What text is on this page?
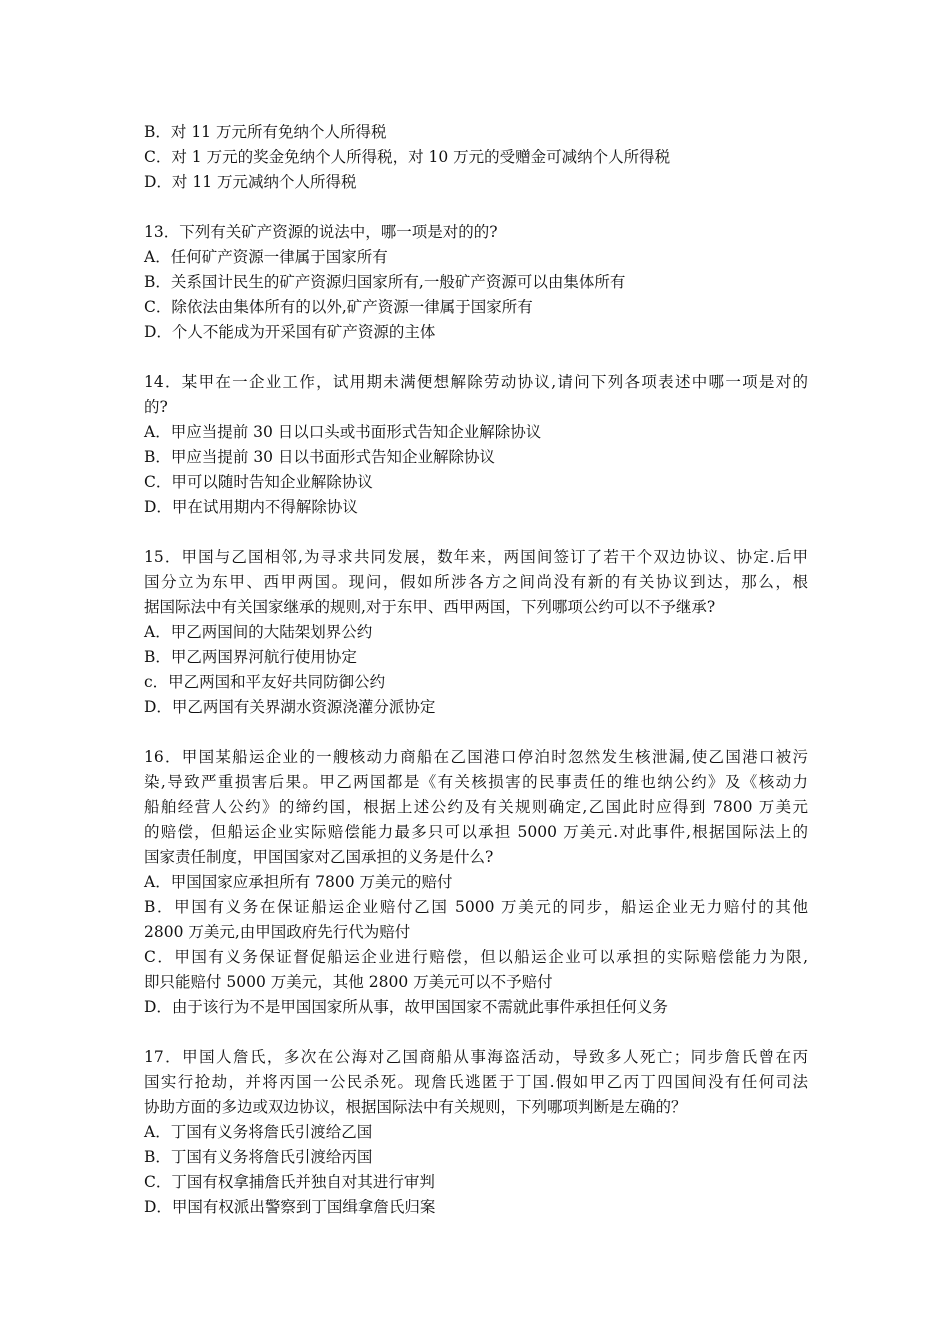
B．对 11 万元所有免纳个人所得税
C．对 1 万元的奖金免纳个人所得税，对 10 万元的受赠金可减纳个人所得税
D．对 11 万元减纳个人所得税
13．下列有关矿产资源的说法中，哪一项是对的的?
A．任何矿产资源一律属于国家所有
B．关系国计民生的矿产资源归国家所有,一般矿产资源可以由集体所有
C．除依法由集体所有的以外,矿产资源一律属于国家所有
D．个人不能成为开采国有矿产资源的主体
14．某甲在一企业工作，试用期未满便想解除劳动协议,请问下列各项表述中哪一项是对的
的?
A．甲应当提前 30 日以口头或书面形式告知企业解除协议
B．甲应当提前 30 日以书面形式告知企业解除协议
C．甲可以随时告知企业解除协议
D．甲在试用期内不得解除协议
15．甲国与乙国相邻,为寻求共同发展，数年来，两国间签订了若干个双边协议、协定.后甲
国分立为东甲、西甲两国。现问，假如所涉各方之间尚没有新的有关协议到达，那么，根
据国际法中有关国家继承的规则,对于东甲、西甲两国，下列哪项公约可以不予继承?
A．甲乙两国间的大陆架划界公约
B．甲乙两国界河航行使用协定
c．甲乙两国和平友好共同防御公约
D．甲乙两国有关界湖水资源浇灌分派协定
16．甲国某船运企业的一艘核动力商船在乙国港口停泊时忽然发生核泄漏,使乙国港口被污
染,导致严重损害后果。甲乙两国都是《有关核损害的民事责任的维也纳公约》及《核动力
船舶经营人公约》的缔约国，根据上述公约及有关规则确定,乙国此时应得到 7800 万美元
的赔偿，但船运企业实际赔偿能力最多只可以承担 5000 万美元.对此事件,根据国际法上的
国家责任制度，甲国国家对乙国承担的义务是什么?
A．甲国国家应承担所有 7800 万美元的赔付
B．甲国有义务在保证船运企业赔付乙国 5000 万美元的同步，船运企业无力赔付的其他
2800 万美元,由甲国政府先行代为赔付
C．甲国有义务保证督促船运企业进行赔偿，但以船运企业可以承担的实际赔偿能力为限,
即只能赔付 5000 万美元，其他 2800 万美元可以不予赔付
D．由于该行为不是甲国国家所从事，故甲国国家不需就此事件承担任何义务
17．甲国人詹氏，多次在公海对乙国商船从事海盗活动，导致多人死亡；同步詹氏曾在丙
国实行抢劫，并将丙国一公民杀死。现詹氏逃匿于丁国.假如甲乙丙丁四国间没有任何司法
协助方面的多边或双边协议，根据国际法中有关规则，下列哪项判断是左确的？
A．丁国有义务将詹氏引渡给乙国
B．丁国有义务将詹氏引渡给丙国
C．丁国有权拿捕詹氏并独自对其进行审判
D．甲国有权派出警察到丁国缉拿詹氏归案
